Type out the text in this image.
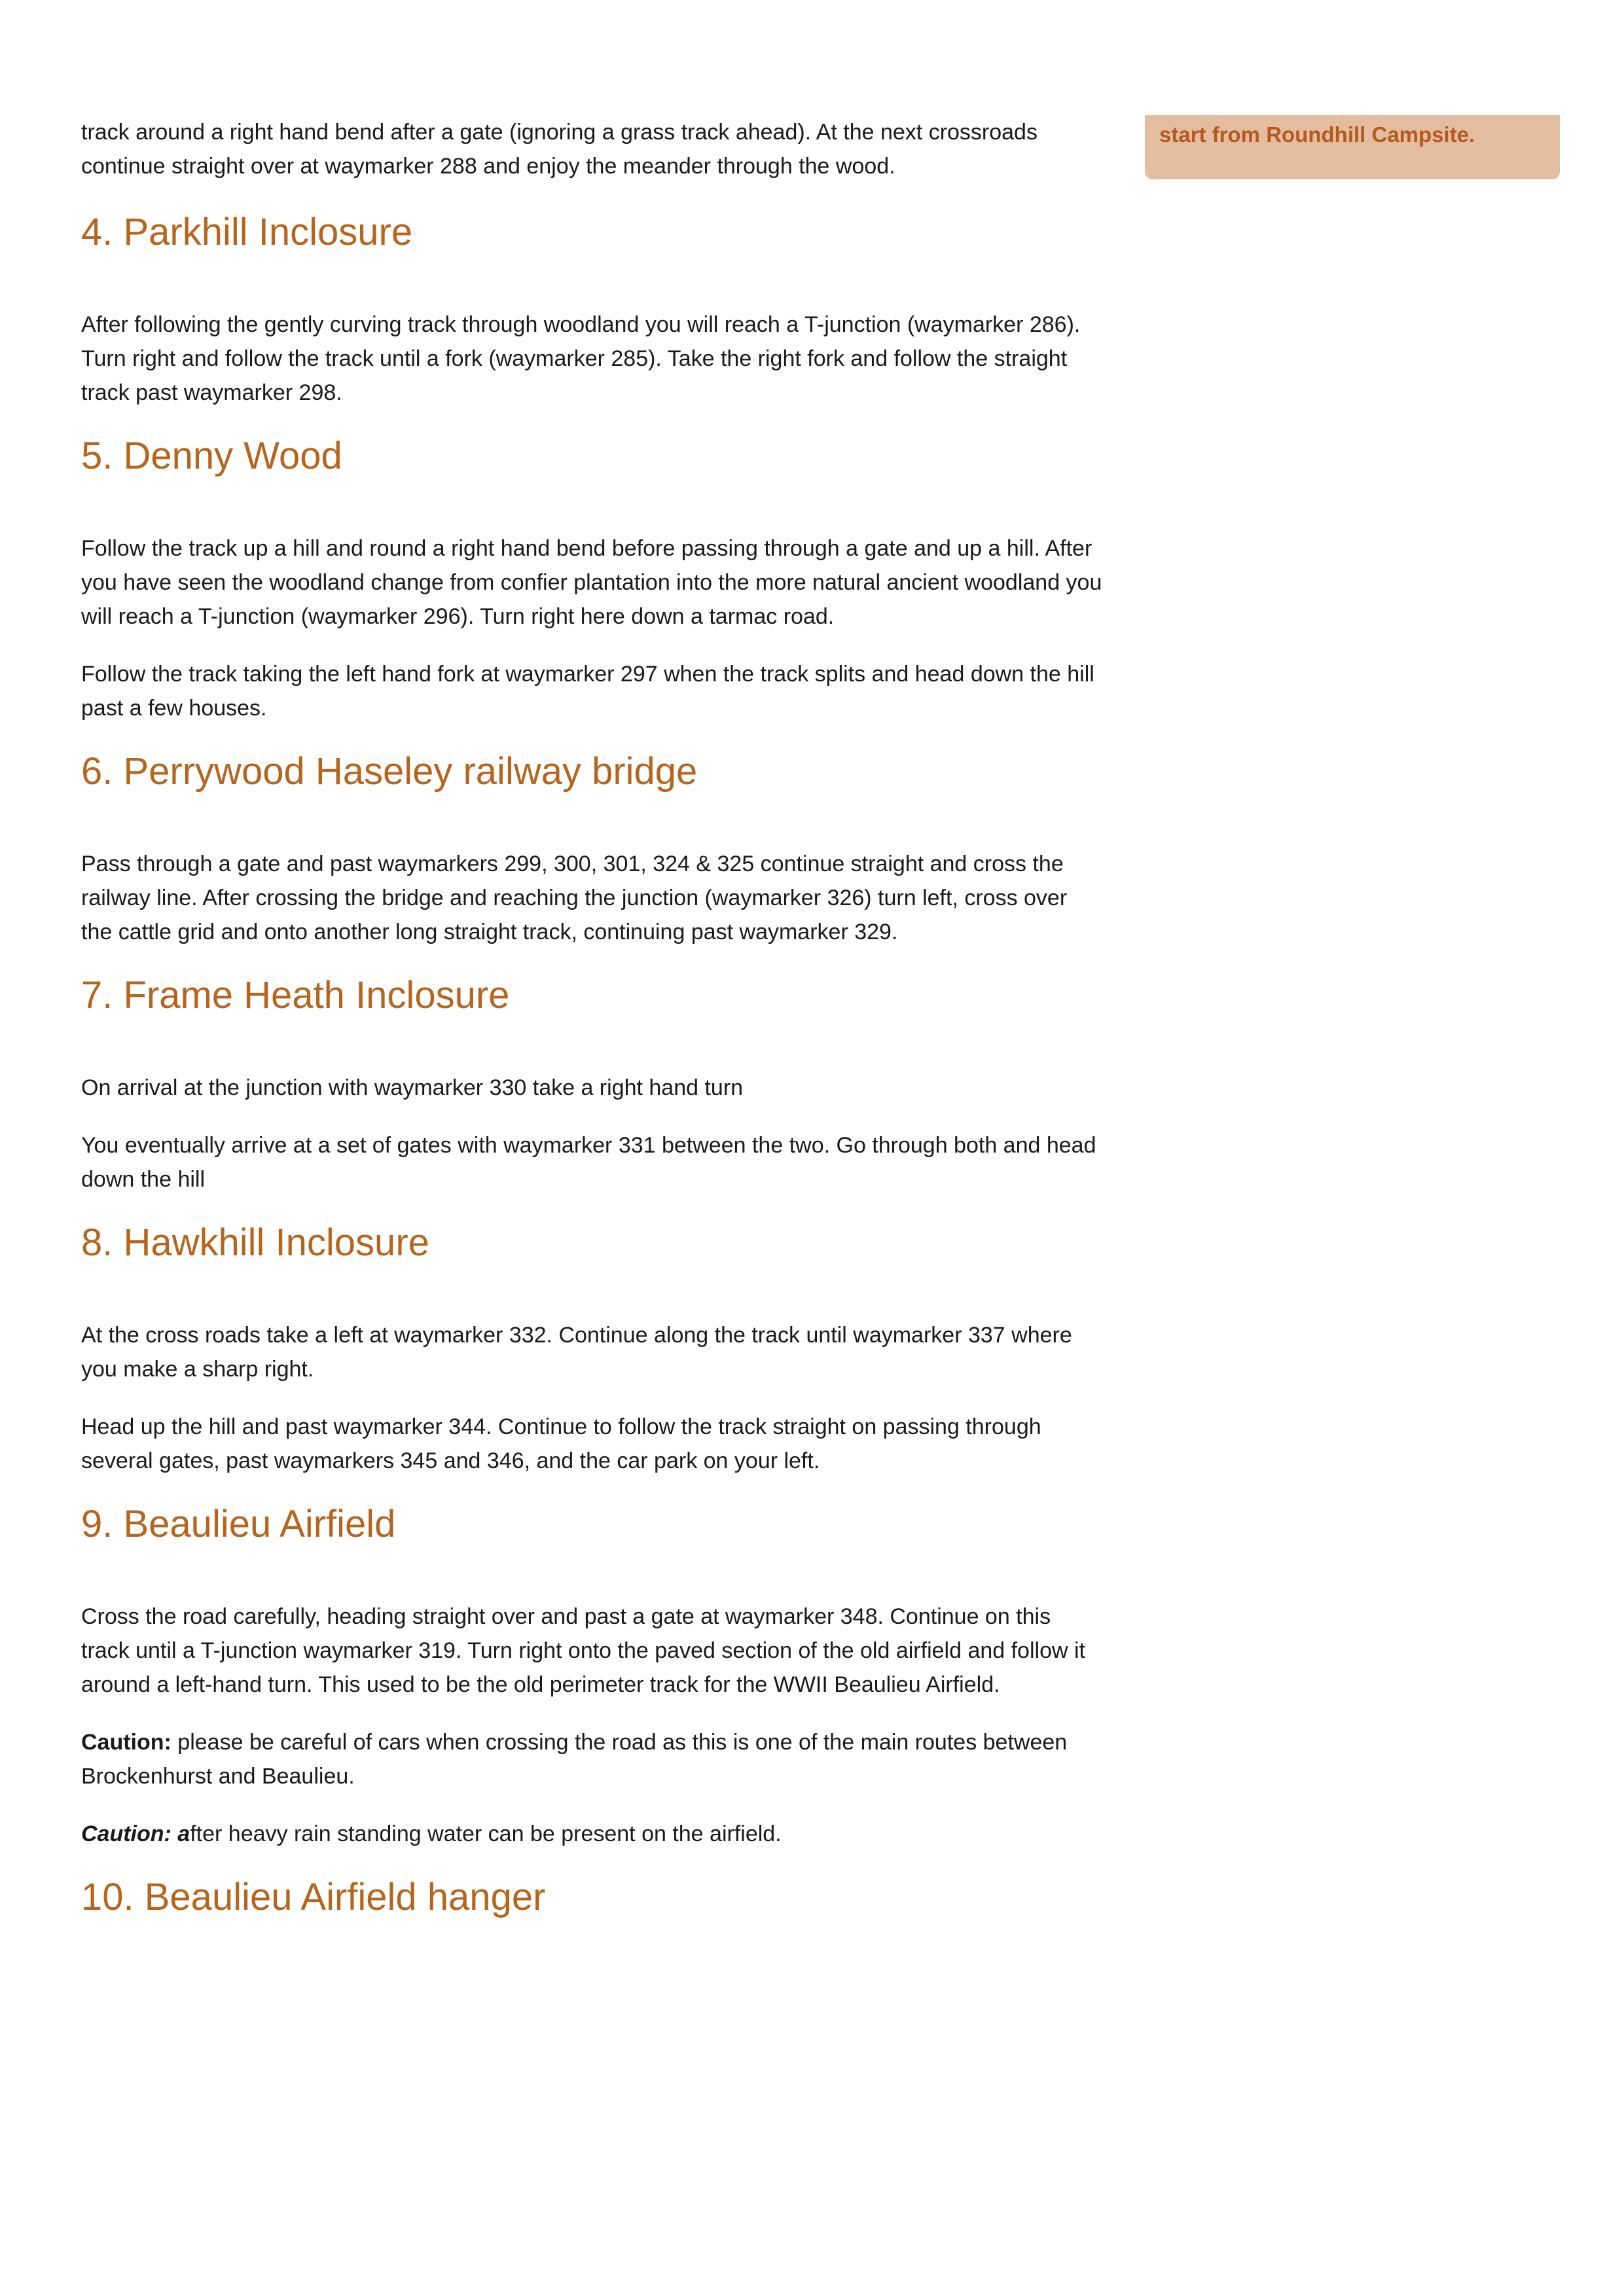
start from Roundhill Campsite.

track around a right hand bend after a gate (ignoring a grass track ahead). At the next crossroads continue straight over at waymarker 288 and enjoy the meander through the wood.

4. Parkhill Inclosure

After following the gently curving track through woodland you will reach a T-junction (waymarker 286). Turn right and follow the track until a fork (waymarker 285). Take the right fork and follow the straight track past waymarker 298.

5. Denny Wood

Follow the track up a hill and round a right hand bend before passing through a gate and up a hill. After you have seen the woodland change from confier plantation into the more natural ancient woodland you will reach a T-junction (waymarker 296). Turn right here down a tarmac road.

Follow the track taking the left hand fork at waymarker 297 when the track splits and head down the hill past a few houses.

6. Perrywood Haseley railway bridge

Pass through a gate and past waymarkers 299, 300, 301, 324 & 325 continue straight and cross the railway line. After crossing the bridge and reaching the junction (waymarker 326) turn left, cross over the cattle grid and onto another long straight track, continuing past waymarker 329.

7. Frame Heath Inclosure

On arrival at the junction with waymarker 330 take a right hand turn

You eventually arrive at a set of gates with waymarker 331 between the two. Go through both and head down the hill

8. Hawkhill Inclosure

At the cross roads take a left at waymarker 332. Continue along the track until waymarker 337 where you make a sharp right.

Head up the hill and past waymarker 344. Continue to follow the track straight on passing through several gates, past waymarkers 345 and 346, and the car park on your left.

9. Beaulieu Airfield

Cross the road carefully, heading straight over and past a gate at waymarker 348. Continue on this track until a T-junction waymarker 319. Turn right onto the paved section of the old airfield and follow it around a left-hand turn. This used to be the old perimeter track for the WWII Beaulieu Airfield.

Caution: please be careful of cars when crossing the road as this is one of the main routes between Brockenhurst and Beaulieu.

Caution: after heavy rain standing water can be present on the airfield.

10. Beaulieu Airfield hanger
